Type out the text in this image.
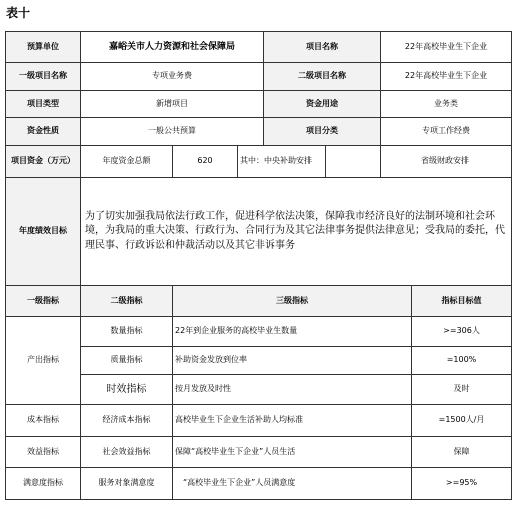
表十
预算单位	嘉峪关市人力资源和社会保障局			项目名称		22年高校毕业生下企业	
一级项目名称	专项业务费			二级项目名称		22年高校毕业生下企业	
项目类型	新增项目			资金用途		业务类	
资金性质	一般公共预算			项目分类		专项工作经费	
项目资金（万元）	年度资金总额	620	其中：中央补助安排			省级财政安排	
年度绩效目标	为了切实加强我局依法行政工作，促进科学依法决策，保障我市经济良好的法制环境和社会环境，为我局的重大决策、行政行为、合同行为及其它法律事务提供法律意见；受我局的委托，代理民事、行政诉讼和仲裁活动以及其它非诉事务						
一级指标	二级指标	三级指标					指标目标值
产出指标	数量指标	22年到企业服务的高校毕业生数量					>=306人
	质量指标	补助资金发放到位率					=100%
	时效指标	按月发放及时性					及时
成本指标	经济成本指标	高校毕业生下企业生活补助人均标准					=1500人/月
效益指标	社会效益指标	保障“高校毕业生下企业”人员生活					保障
满意度指标	服务对象满意度	“高校毕业生下企业”人员满意度					>=95%
